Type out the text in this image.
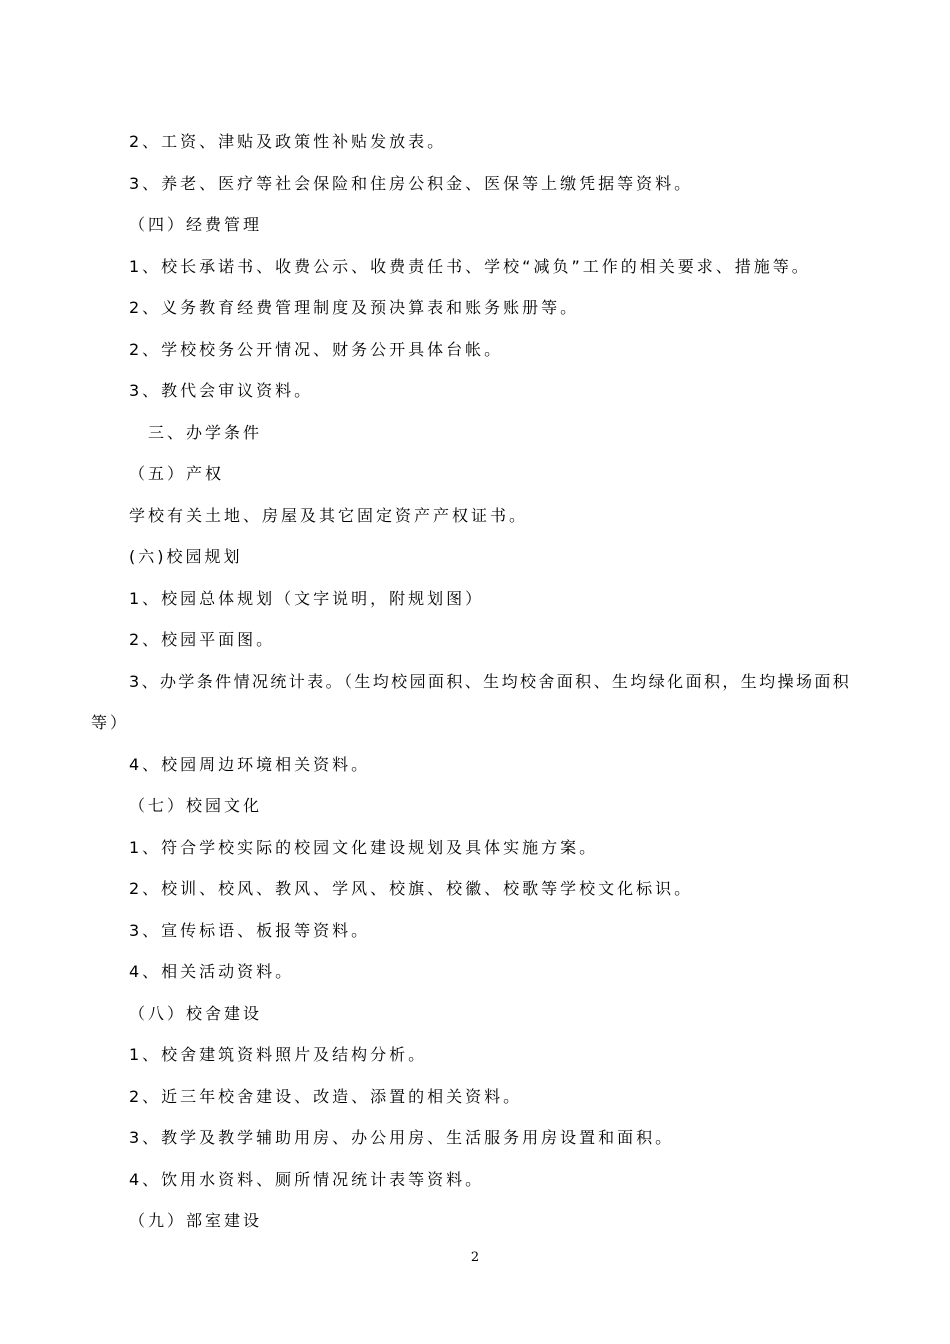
2、工资、津贴及政策性补贴发放表。
3、养老、医疗等社会保险和住房公积金、医保等上缴凭据等资料。
（四）经费管理
1、校长承诺书、收费公示、收费责任书、学校“减负”工作的相关要求、措施等。
2、义务教育经费管理制度及预决算表和账务账册等。
2、学校校务公开情况、财务公开具体台帐。
3、教代会审议资料。
三、办学条件
（五）产权
学校有关土地、房屋及其它固定资产产权证书。
(六)校园规划
1、校园总体规划（文字说明，附规划图）
2、校园平面图。
3、办学条件情况统计表。（生均校园面积、生均校舍面积、生均绿化面积，生均操场面积
等）
4、校园周边环境相关资料。
（七）校园文化
1、符合学校实际的校园文化建设规划及具体实施方案。
2、校训、校风、教风、学风、校旗、校徽、校歌等学校文化标识。
3、宣传标语、板报等资料。
4、相关活动资料。
（八）校舍建设
1、校舍建筑资料照片及结构分析。
2、近三年校舍建设、改造、添置的相关资料。
3、教学及教学辅助用房、办公用房、生活服务用房设置和面积。
4、饮用水资料、厕所情况统计表等资料。
（九）部室建设
2
